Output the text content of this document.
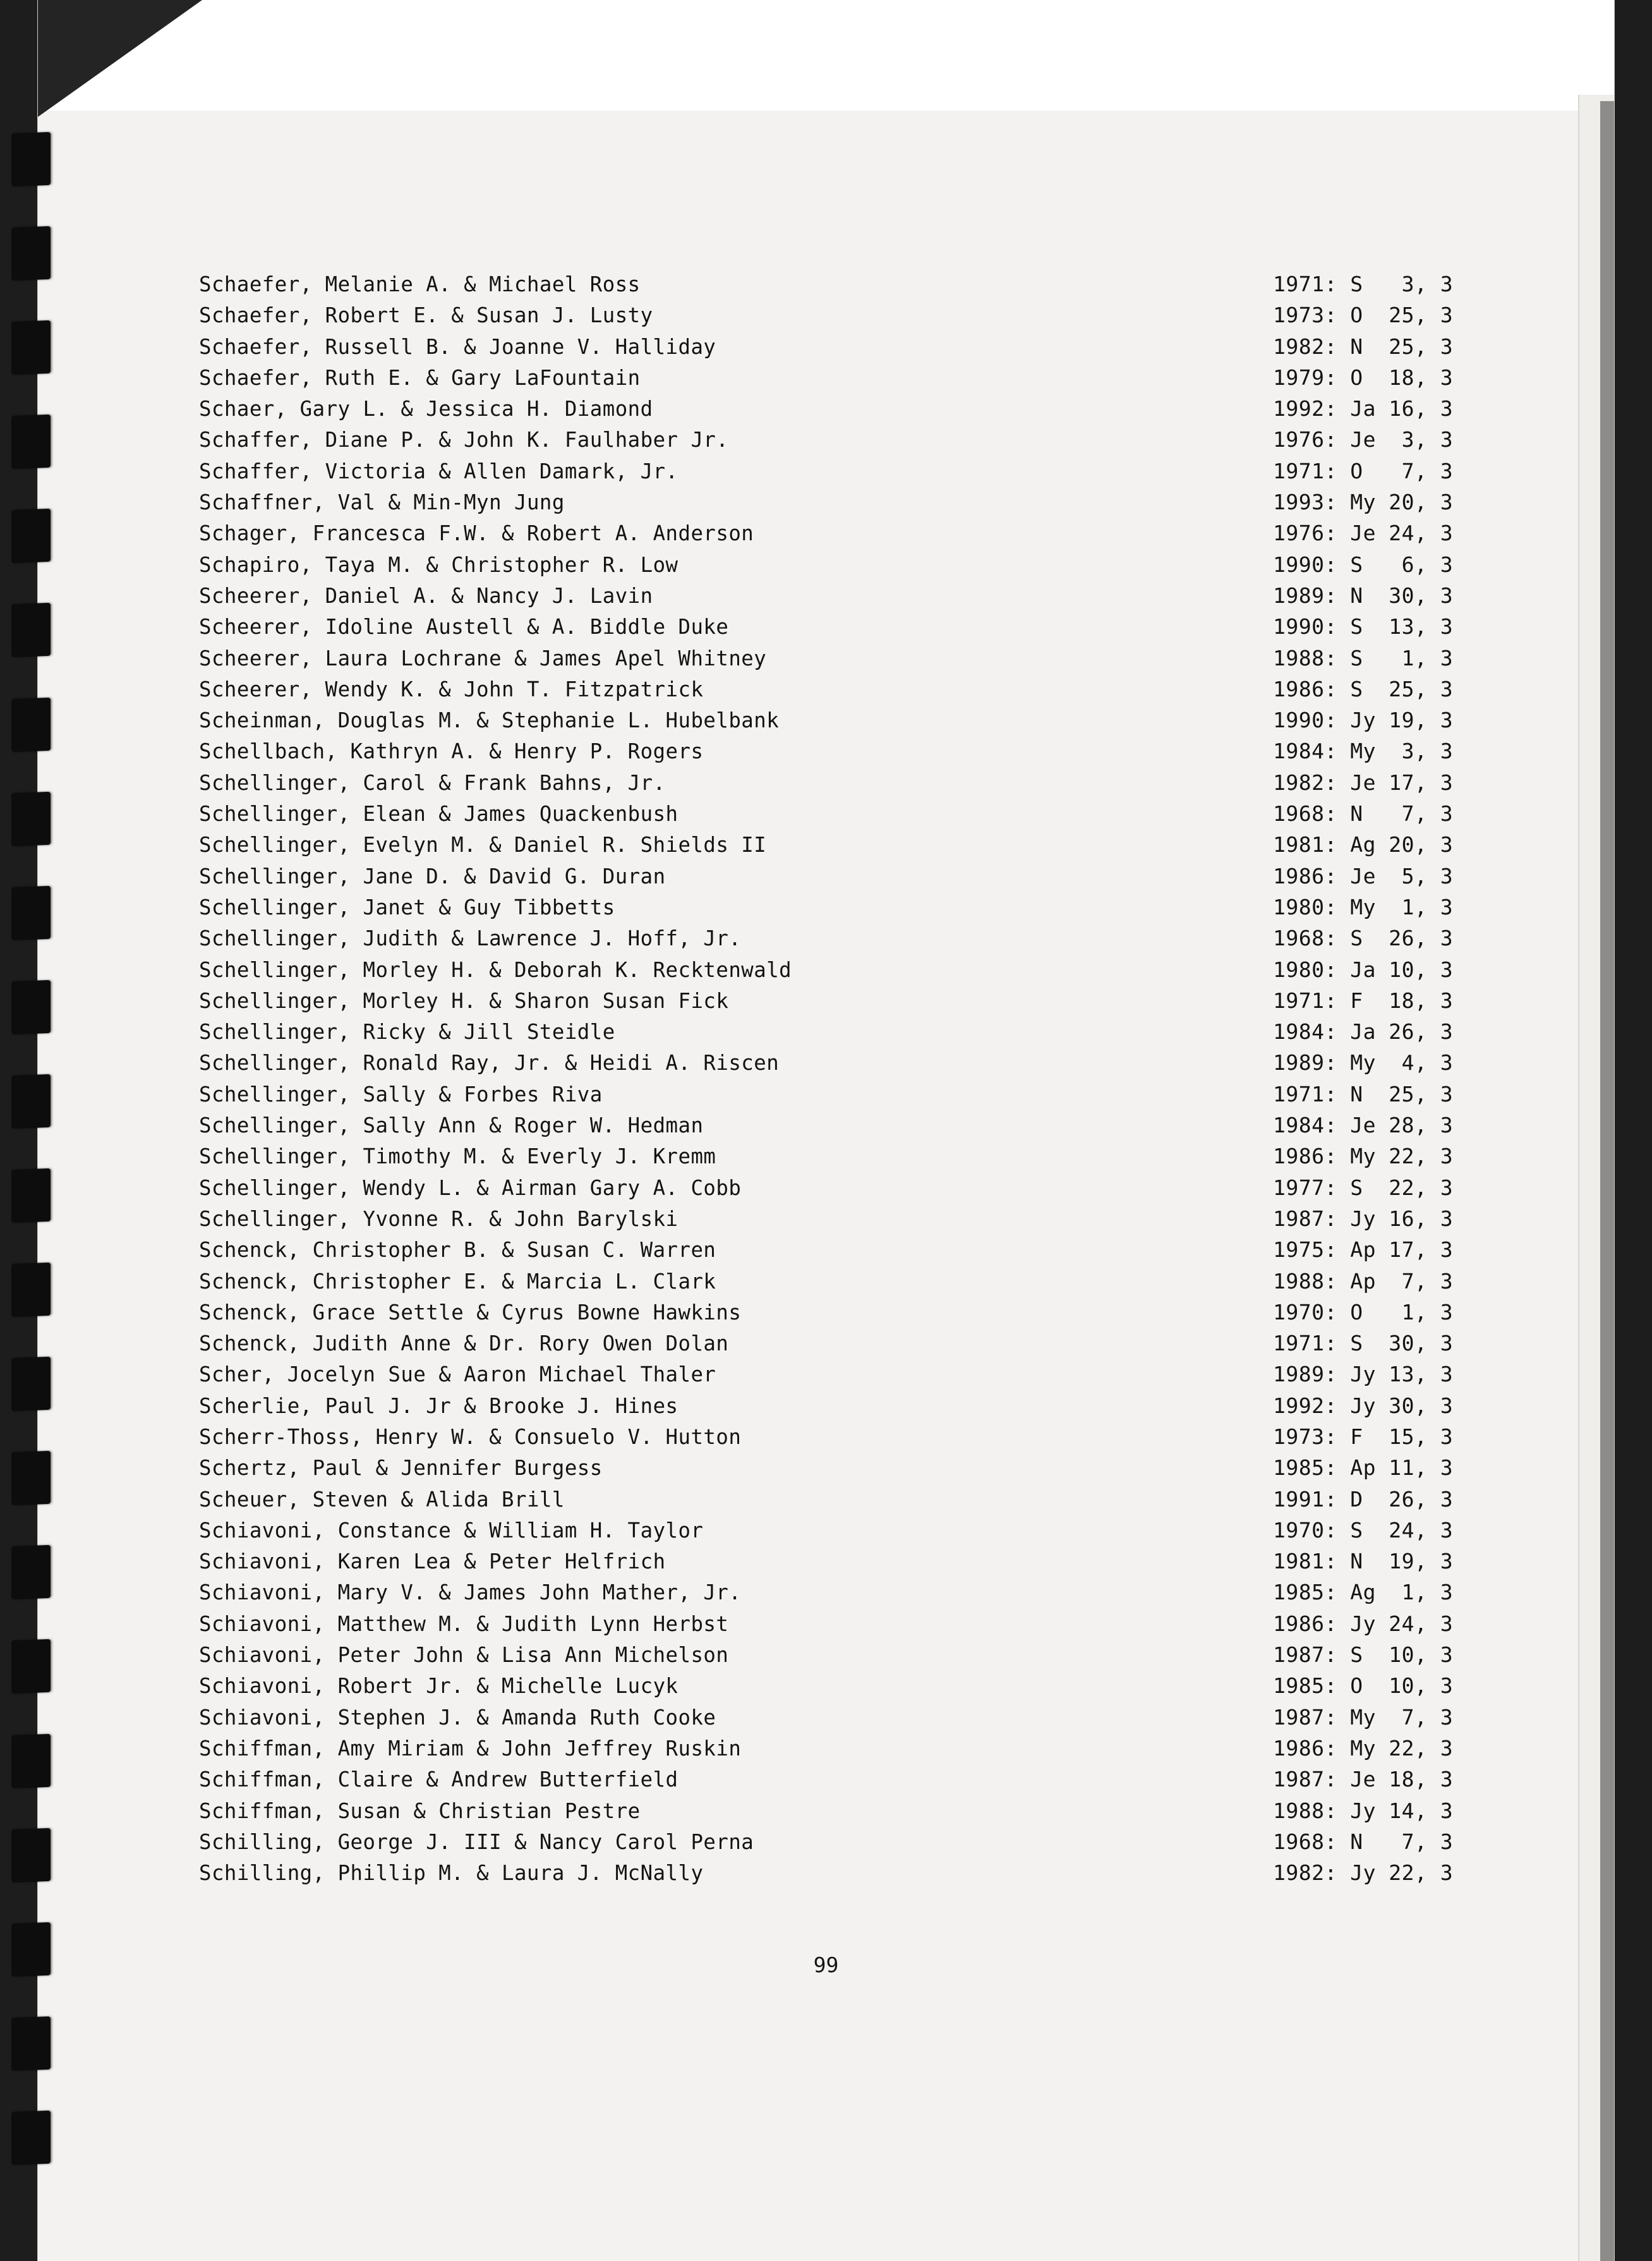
Schaefer, Melanie A. & Michael Ross	1971: S   3, 3
Schaefer, Robert E. & Susan J. Lusty	1973: O  25, 3
Schaefer, Russell B. & Joanne V. Halliday	1982: N  25, 3
Schaefer, Ruth E. & Gary LaFountain	1979: O  18, 3
Schaer, Gary L. & Jessica H. Diamond	1992: Ja 16, 3
Schaffer, Diane P. & John K. Faulhaber Jr.	1976: Je  3, 3
Schaffer, Victoria & Allen Damark, Jr.	1971: O   7, 3
Schaffner, Val & Min-Myn Jung	1993: My 20, 3
Schager, Francesca F.W. & Robert A. Anderson	1976: Je 24, 3
Schapiro, Taya M. & Christopher R. Low	1990: S   6, 3
Scheerer, Daniel A. & Nancy J. Lavin	1989: N  30, 3
Scheerer, Idoline Austell & A. Biddle Duke	1990: S  13, 3
Scheerer, Laura Lochrane & James Apel Whitney	1988: S   1, 3
Scheerer, Wendy K. & John T. Fitzpatrick	1986: S  25, 3
Scheinman, Douglas M. & Stephanie L. Hubelbank	1990: Jy 19, 3
Schellbach, Kathryn A. & Henry P. Rogers	1984: My  3, 3
Schellinger, Carol & Frank Bahns, Jr.	1982: Je 17, 3
Schellinger, Elean & James Quackenbush	1968: N   7, 3
Schellinger, Evelyn M. & Daniel R. Shields II	1981: Ag 20, 3
Schellinger, Jane D. & David G. Duran	1986: Je  5, 3
Schellinger, Janet & Guy Tibbetts	1980: My  1, 3
Schellinger, Judith & Lawrence J. Hoff, Jr.	1968: S  26, 3
Schellinger, Morley H. & Deborah K. Recktenwald	1980: Ja 10, 3
Schellinger, Morley H. & Sharon Susan Fick	1971: F  18, 3
Schellinger, Ricky & Jill Steidle	1984: Ja 26, 3
Schellinger, Ronald Ray, Jr. & Heidi A. Riscen	1989: My  4, 3
Schellinger, Sally & Forbes Riva	1971: N  25, 3
Schellinger, Sally Ann & Roger W. Hedman	1984: Je 28, 3
Schellinger, Timothy M. & Everly J. Kremm	1986: My 22, 3
Schellinger, Wendy L. & Airman Gary A. Cobb	1977: S  22, 3
Schellinger, Yvonne R. & John Barylski	1987: Jy 16, 3
Schenck, Christopher B. & Susan C. Warren	1975: Ap 17, 3
Schenck, Christopher E. & Marcia L. Clark	1988: Ap  7, 3
Schenck, Grace Settle & Cyrus Bowne Hawkins	1970: O   1, 3
Schenck, Judith Anne & Dr. Rory Owen Dolan	1971: S  30, 3
Scher, Jocelyn Sue & Aaron Michael Thaler	1989: Jy 13, 3
Scherlie, Paul J. Jr & Brooke J. Hines	1992: Jy 30, 3
Scherr-Thoss, Henry W. & Consuelo V. Hutton	1973: F  15, 3
Schertz, Paul & Jennifer Burgess	1985: Ap 11, 3
Scheuer, Steven & Alida Brill	1991: D  26, 3
Schiavoni, Constance & William H. Taylor	1970: S  24, 3
Schiavoni, Karen Lea & Peter Helfrich	1981: N  19, 3
Schiavoni, Mary V. & James John Mather, Jr.	1985: Ag  1, 3
Schiavoni, Matthew M. & Judith Lynn Herbst	1986: Jy 24, 3
Schiavoni, Peter John & Lisa Ann Michelson	1987: S  10, 3
Schiavoni, Robert Jr. & Michelle Lucyk	1985: O  10, 3
Schiavoni, Stephen J. & Amanda Ruth Cooke	1987: My  7, 3
Schiffman, Amy Miriam & John Jeffrey Ruskin	1986: My 22, 3
Schiffman, Claire & Andrew Butterfield	1987: Je 18, 3
Schiffman, Susan & Christian Pestre	1988: Jy 14, 3
Schilling, George J. III & Nancy Carol Perna	1968: N   7, 3
Schilling, Phillip M. & Laura J. McNally	1982: Jy 22, 3
99
